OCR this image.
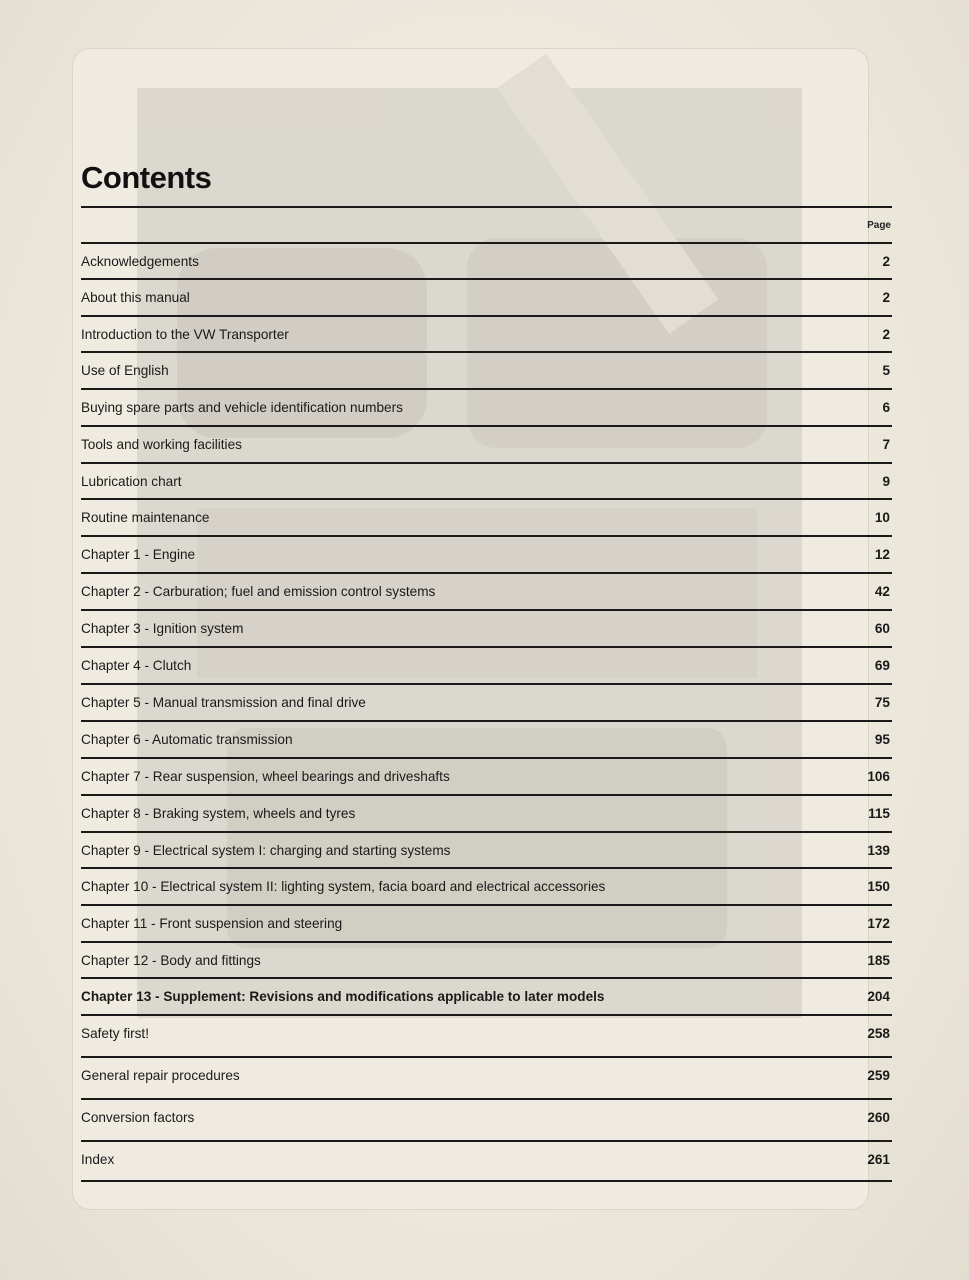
Contents
Page
Acknowledgements	2
About this manual	2
Introduction to the VW Transporter	2
Use of English	5
Buying spare parts and vehicle identification numbers	6
Tools and working facilities	7
Lubrication chart	9
Routine maintenance	10
Chapter 1 - Engine	12
Chapter 2 - Carburation; fuel and emission control systems	42
Chapter 3 - Ignition system	60
Chapter 4 - Clutch	69
Chapter 5 - Manual transmission and final drive	75
Chapter 6 - Automatic transmission	95
Chapter 7 - Rear suspension, wheel bearings and driveshafts	106
Chapter 8 - Braking system, wheels and tyres	115
Chapter 9 - Electrical system I: charging and starting systems	139
Chapter 10 - Electrical system II: lighting system, facia board and electrical accessories	150
Chapter 11 - Front suspension and steering	172
Chapter 12 - Body and fittings	185
Chapter 13 - Supplement: Revisions and modifications applicable to later models	204
Safety first!	258
General repair procedures	259
Conversion factors	260
Index	261
